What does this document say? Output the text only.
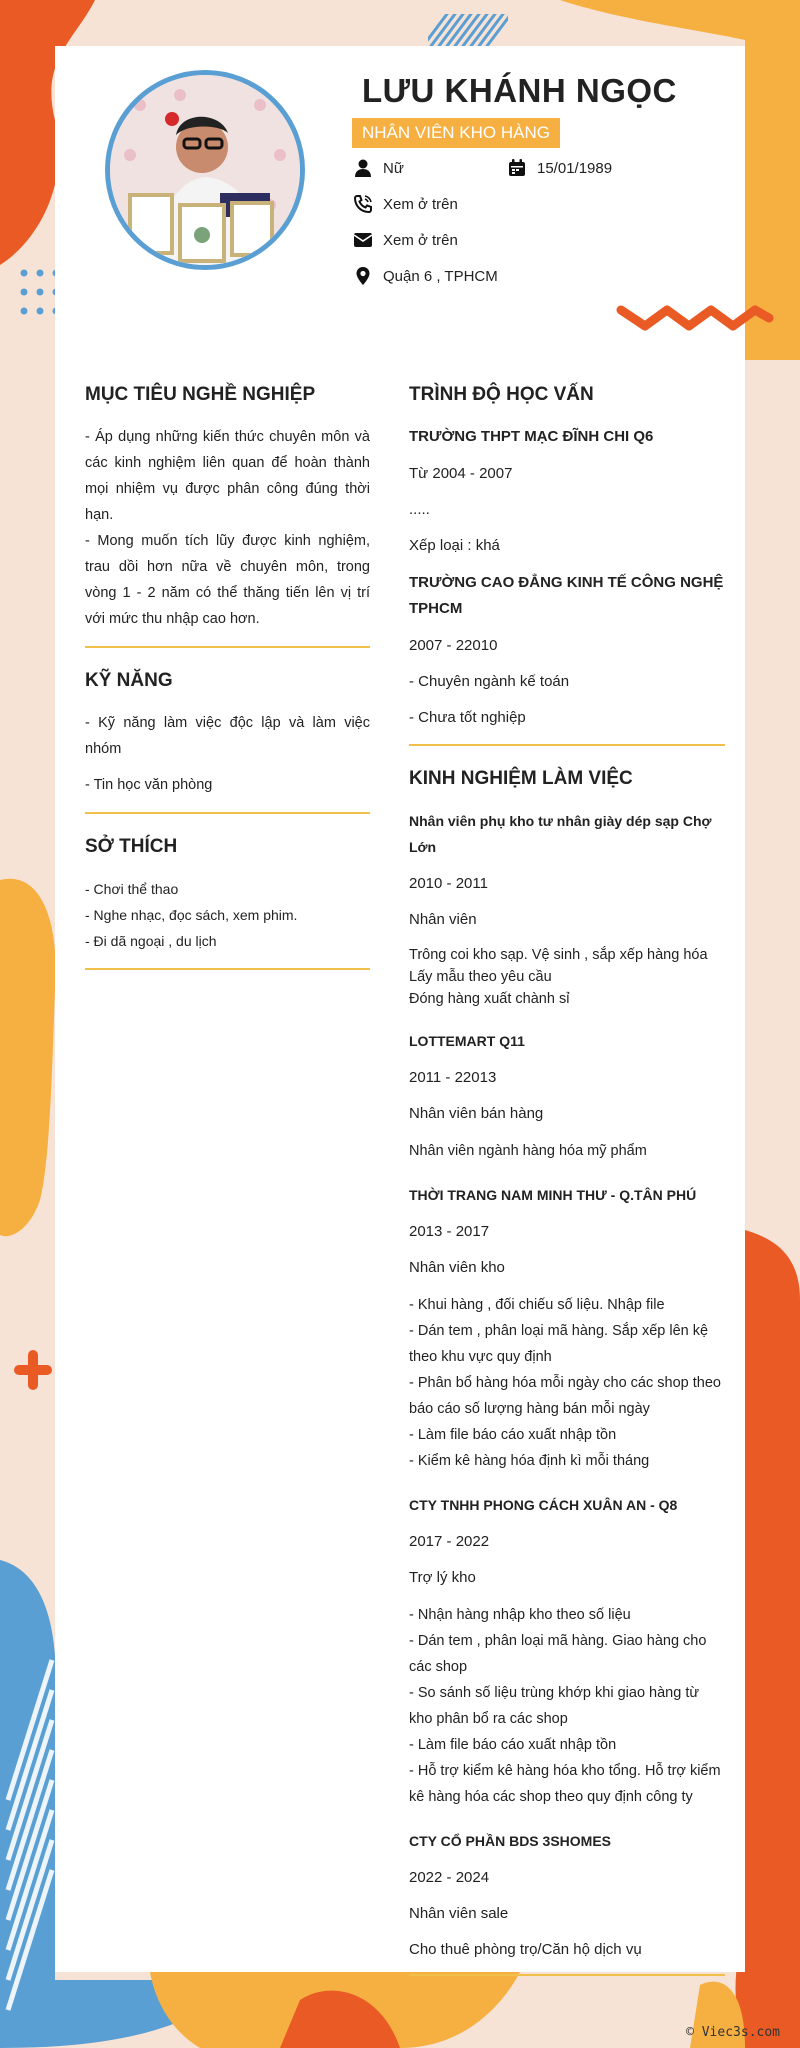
LƯU KHÁNH NGỌC
NHÂN VIÊN KHO HÀNG
Nữ	15/01/1989
Xem ở trên
Xem ở trên
Quận 6 , TPHCM
MỤC TIÊU NGHỀ NGHIỆP

- Áp dụng những kiến thức chuyên môn và các kinh nghiệm liên quan để hoàn thành mọi nhiệm vụ được phân công đúng thời hạn.

- Mong muốn tích lũy được kinh nghiệm, trau dồi hơn nữa về chuyên môn, trong vòng 1 - 2 năm có thể thăng tiến lên vị trí với mức thu nhập cao hơn.

KỸ NĂNG

- Kỹ năng làm việc độc lập và làm việc nhóm

- Tin học văn phòng

SỞ THÍCH

- Chơi thể thao

- Nghe nhạc, đọc sách, xem phim.

- Đi dã ngoại , du lịch

TRÌNH ĐỘ HỌC VẤN
TRƯỜNG THPT MẠC ĐĨNH CHI Q6
Từ 2004 - 2007
.....
Xếp loại : khá
TRƯỜNG CAO ĐẲNG KINH TẾ CÔNG NGHỆ TPHCM
2007 - 22010
- Chuyên ngành kế toán
- Chưa tốt nghiệp
KINH NGHIỆM LÀM VIỆC
Nhân viên phụ kho tư nhân giày dép sạp Chợ Lớn
2010 - 2011
Nhân viên

Trông coi kho sạp. Vệ sinh , sắp xếp hàng hóa

Lấy mẫu theo yêu cầu

Đóng hàng xuất chành sỉ

LOTTEMART Q11
2011 - 22013
Nhân viên bán hàng

Nhân viên ngành hàng hóa mỹ phẩm

THỜI TRANG NAM MINH THƯ - Q.TÂN PHÚ
2013 - 2017
Nhân viên kho

- Khui hàng , đối chiếu số liệu. Nhập file

- Dán tem , phân loại mã hàng. Sắp xếp lên kệ theo khu vực quy định

- Phân bổ hàng hóa mỗi ngày cho các shop theo báo cáo số lượng hàng bán mỗi ngày

- Làm file báo cáo xuất nhập tồn

- Kiểm kê hàng hóa định kì mỗi tháng

CTY TNHH PHONG CÁCH XUÂN AN - Q8
2017 - 2022
Trợ lý kho

- Nhận hàng nhập kho theo số liệu

- Dán tem , phân loại mã hàng. Giao hàng cho các shop

- So sánh số liệu trùng khớp khi giao hàng từ kho phân bổ ra các shop

- Làm file báo cáo xuất nhập tồn

- Hỗ trợ kiểm kê hàng hóa kho tổng. Hỗ trợ kiểm kê hàng hóa các shop theo quy định công ty

CTY CỔ PHẦN BDS 3SHOMES
2022 - 2024
Nhân viên sale
Cho thuê phòng trọ/Căn hộ dịch vụ
© Viec3s.com
